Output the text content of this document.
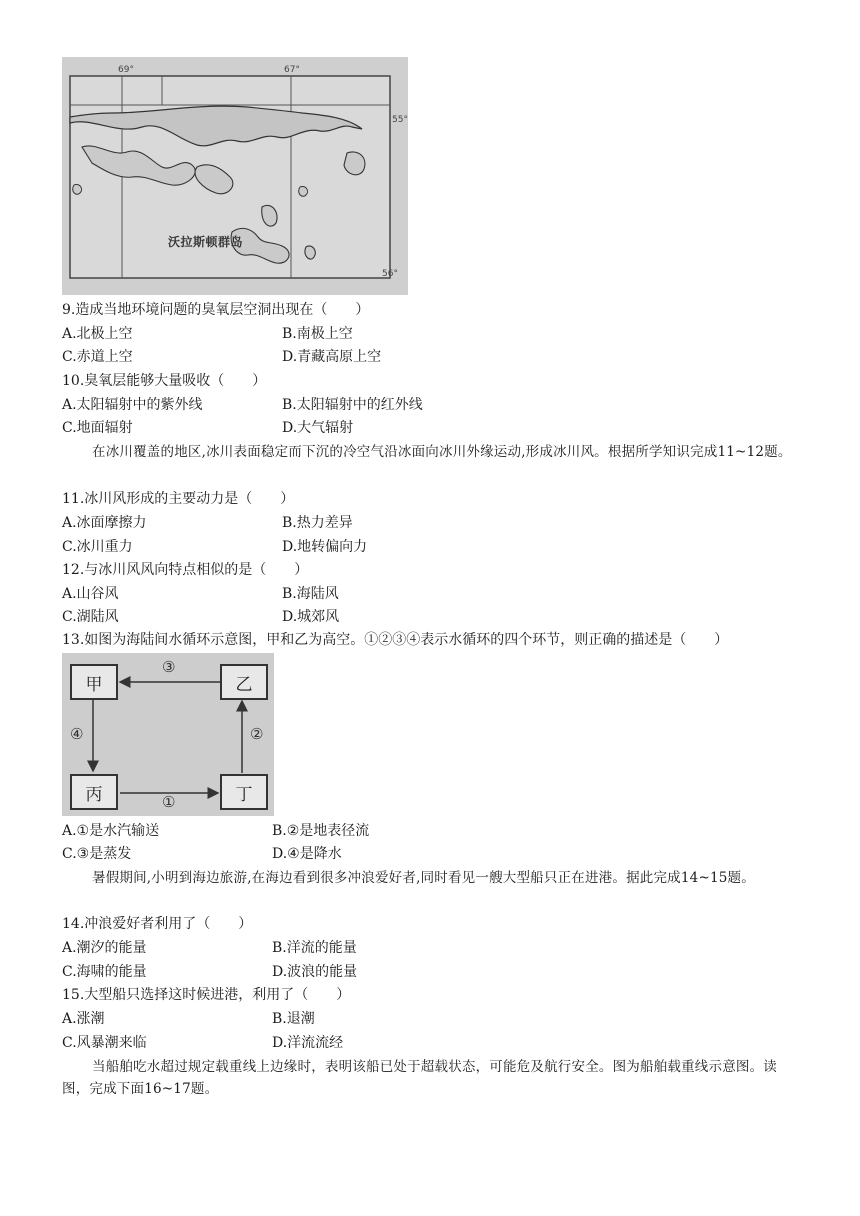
69°	67°
55°
56°
沃拉斯顿群岛
9.造成当地环境问题的臭氧层空洞出现在（　　）
A.北极上空	B.南极上空
C.赤道上空	D.青藏高原上空
10.臭氧层能够大量吸收（　　）
A.太阳辐射中的紫外线	B.太阳辐射中的红外线
C.地面辐射	D.大气辐射
在冰川覆盖的地区,冰川表面稳定而下沉的冷空气沿冰面向冰川外缘运动,形成冰川风。根据所学知识完成11~12题。
11.冰川风形成的主要动力是（　　）
A.冰面摩擦力	B.热力差异
C.冰川重力	D.地转偏向力
12.与冰川风风向特点相似的是（　　）
A.山谷风	B.海陆风
C.湖陆风	D.城郊风
13.如图为海陆间水循环示意图，甲和乙为高空。①②③④表示水循环的四个环节，则正确的描述是（　　）
甲	乙
丙	丁
③
④
①
②
A.①是水汽输送	B.②是地表径流
C.③是蒸发	D.④是降水
暑假期间,小明到海边旅游,在海边看到很多冲浪爱好者,同时看见一艘大型船只正在进港。据此完成14~15题。
14.冲浪爱好者利用了（　　）
A.潮汐的能量	B.洋流的能量
C.海啸的能量	D.波浪的能量
15.大型船只选择这时候进港，利用了（　　）
A.涨潮	B.退潮
C.风暴潮来临	D.洋流流经
当船舶吃水超过规定载重线上边缘时，表明该船已处于超载状态，可能危及航行安全。图为船舶载重线示意图。读图，完成下面16~17题。
